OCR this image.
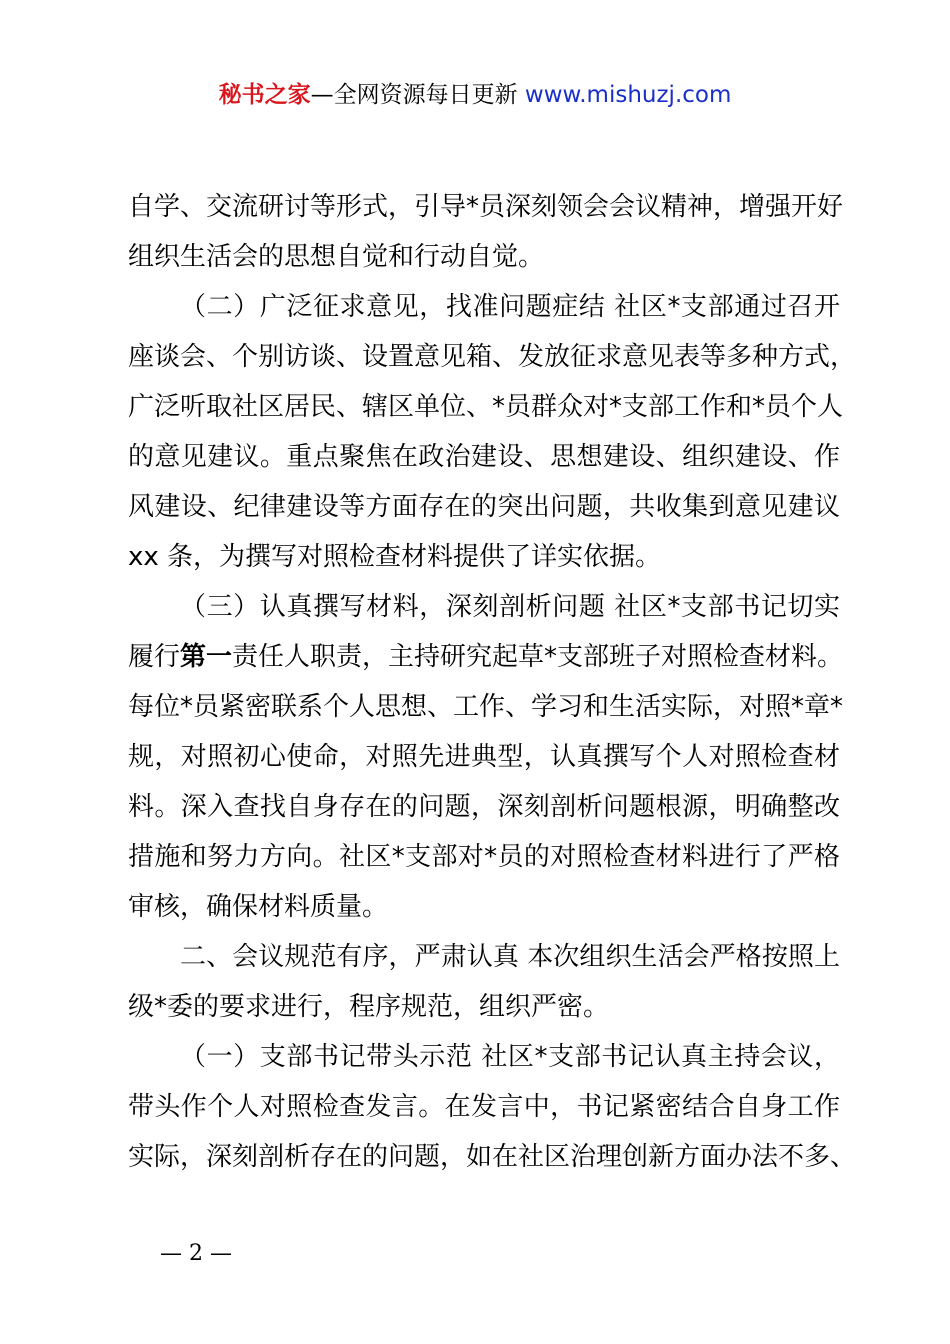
秘书之家—全网资源每日更新 www.mishuzj.com
自学、交流研讨等形式，引导*员深刻领会会议精神，增强开好
组织生活会的思想自觉和行动自觉。
（二）广泛征求意见，找准问题症结 社区*支部通过召开
座谈会、个别访谈、设置意见箱、发放征求意见表等多种方式，
广泛听取社区居民、辖区单位、*员群众对*支部工作和*员个人
的意见建议。重点聚焦在政治建设、思想建设、组织建设、作
风建设、纪律建设等方面存在的突出问题，共收集到意见建议
xx 条，为撰写对照检查材料提供了详实依据。
（三）认真撰写材料，深刻剖析问题 社区*支部书记切实
履行第一责任人职责，主持研究起草*支部班子对照检查材料。
每位*员紧密联系个人思想、工作、学习和生活实际，对照*章*
规，对照初心使命，对照先进典型，认真撰写个人对照检查材
料。深入查找自身存在的问题，深刻剖析问题根源，明确整改
措施和努力方向。社区*支部对*员的对照检查材料进行了严格
审核，确保材料质量。
二、会议规范有序，严肃认真 本次组织生活会严格按照上
级*委的要求进行，程序规范，组织严密。
（一）支部书记带头示范 社区*支部书记认真主持会议，
带头作个人对照检查发言。在发言中，书记紧密结合自身工作
实际，深刻剖析存在的问题，如在社区治理创新方面办法不多、
— 2 —
